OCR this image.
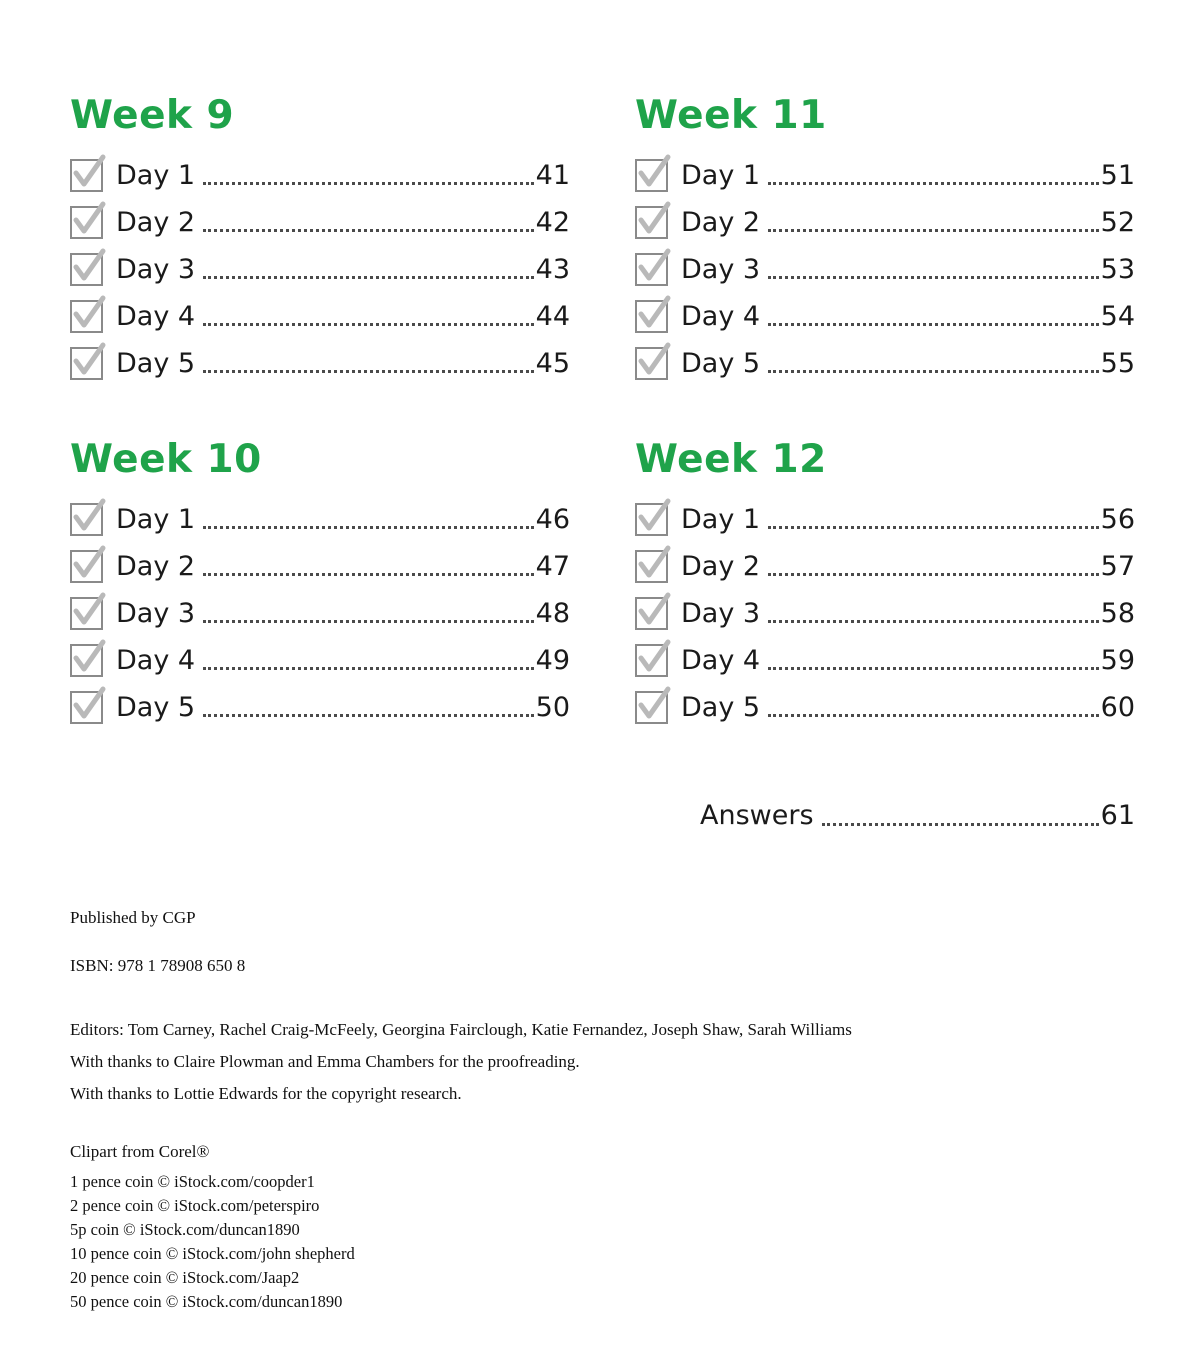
Week 9
Day 1	41
Day 2	42
Day 3	43
Day 4	44
Day 5	45
Week 11
Day 1	51
Day 2	52
Day 3	53
Day 4	54
Day 5	55
Week 10
Day 1	46
Day 2	47
Day 3	48
Day 4	49
Day 5	50
Week 12
Day 1	56
Day 2	57
Day 3	58
Day 4	59
Day 5	60
Answers	61

Published by CGP

ISBN: 978 1 78908 650 8

Editors: Tom Carney, Rachel Craig-McFeely, Georgina Fairclough, Katie Fernandez, Joseph Shaw, Sarah Williams

With thanks to Claire Plowman and Emma Chambers for the proofreading.

With thanks to Lottie Edwards for the copyright research.

Clipart from Corel®

1 pence coin © iStock.com/coopder1

2 pence coin © iStock.com/peterspiro

5p coin © iStock.com/duncan1890

10 pence coin © iStock.com/john shepherd

20 pence coin © iStock.com/Jaap2

50 pence coin © iStock.com/duncan1890
